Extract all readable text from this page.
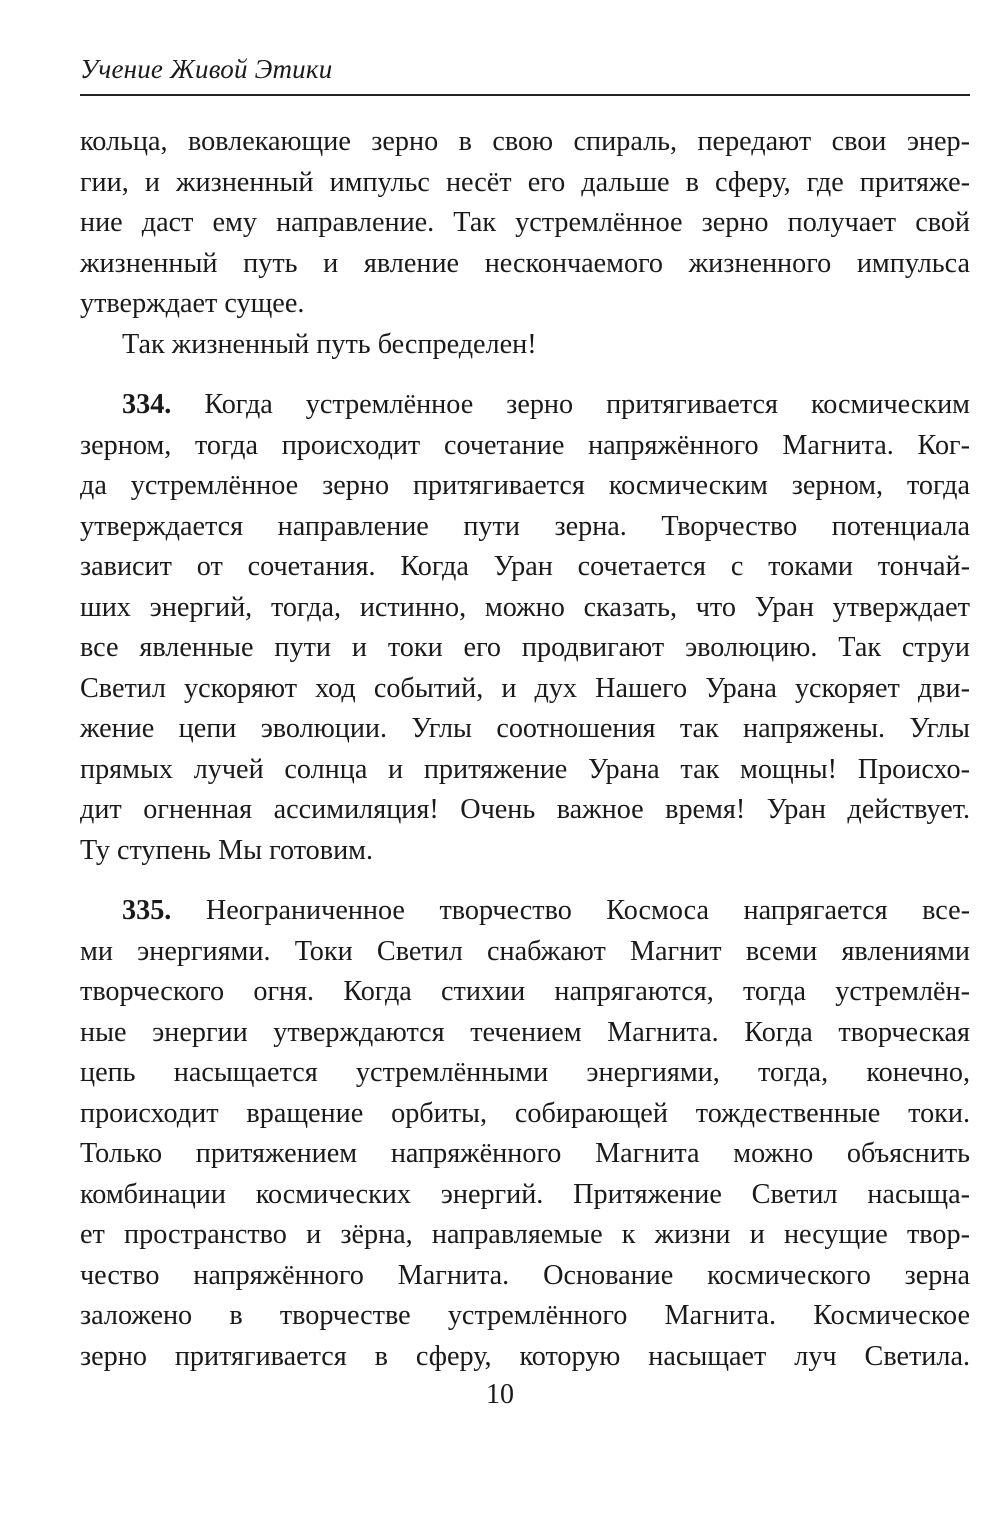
Учение Живой Этики
кольца, вовлекающие зерно в свою спираль, передают свои энер-
гии, и жизненный импульс несёт его дальше в сферу, где притяже-
ние даст ему направление. Так устремлённое зерно получает свой
жизненный путь и явление нескончаемого жизненного импульса
утверждает сущее.
Так жизненный путь беспределен!
334. Когда устремлённое зерно притягивается космическим
зерном, тогда происходит сочетание напряжённого Магнита. Ког-
да устремлённое зерно притягивается космическим зерном, тогда
утверждается направление пути зерна. Творчество потенциала
зависит от сочетания. Когда Уран сочетается с токами тончай-
ших энергий, тогда, истинно, можно сказать, что Уран утверждает
все явленные пути и токи его продвигают эволюцию. Так струи
Светил ускоряют ход событий, и дух Нашего Урана ускоряет дви-
жение цепи эволюции. Углы соотношения так напряжены. Углы
прямых лучей солнца и притяжение Урана так мощны! Происхо-
дит огненная ассимиляция! Очень важное время! Уран действует.
Ту ступень Мы готовим.
335. Неограниченное творчество Космоса напрягается все-
ми энергиями. Токи Светил снабжают Магнит всеми явлениями
творческого огня. Когда стихии напрягаются, тогда устремлён-
ные энергии утверждаются течением Магнита. Когда творческая
цепь насыщается устремлёнными энергиями, тогда, конечно,
происходит вращение орбиты, собирающей тождественные токи.
Только притяжением напряжённого Магнита можно объяснить
комбинации космических энергий. Притяжение Светил насыща-
ет пространство и зёрна, направляемые к жизни и несущие твор-
чество напряжённого Магнита. Основание космического зерна
заложено в творчестве устремлённого Магнита. Космическое
зерно притягивается в сферу, которую насыщает луч Светила.
10
